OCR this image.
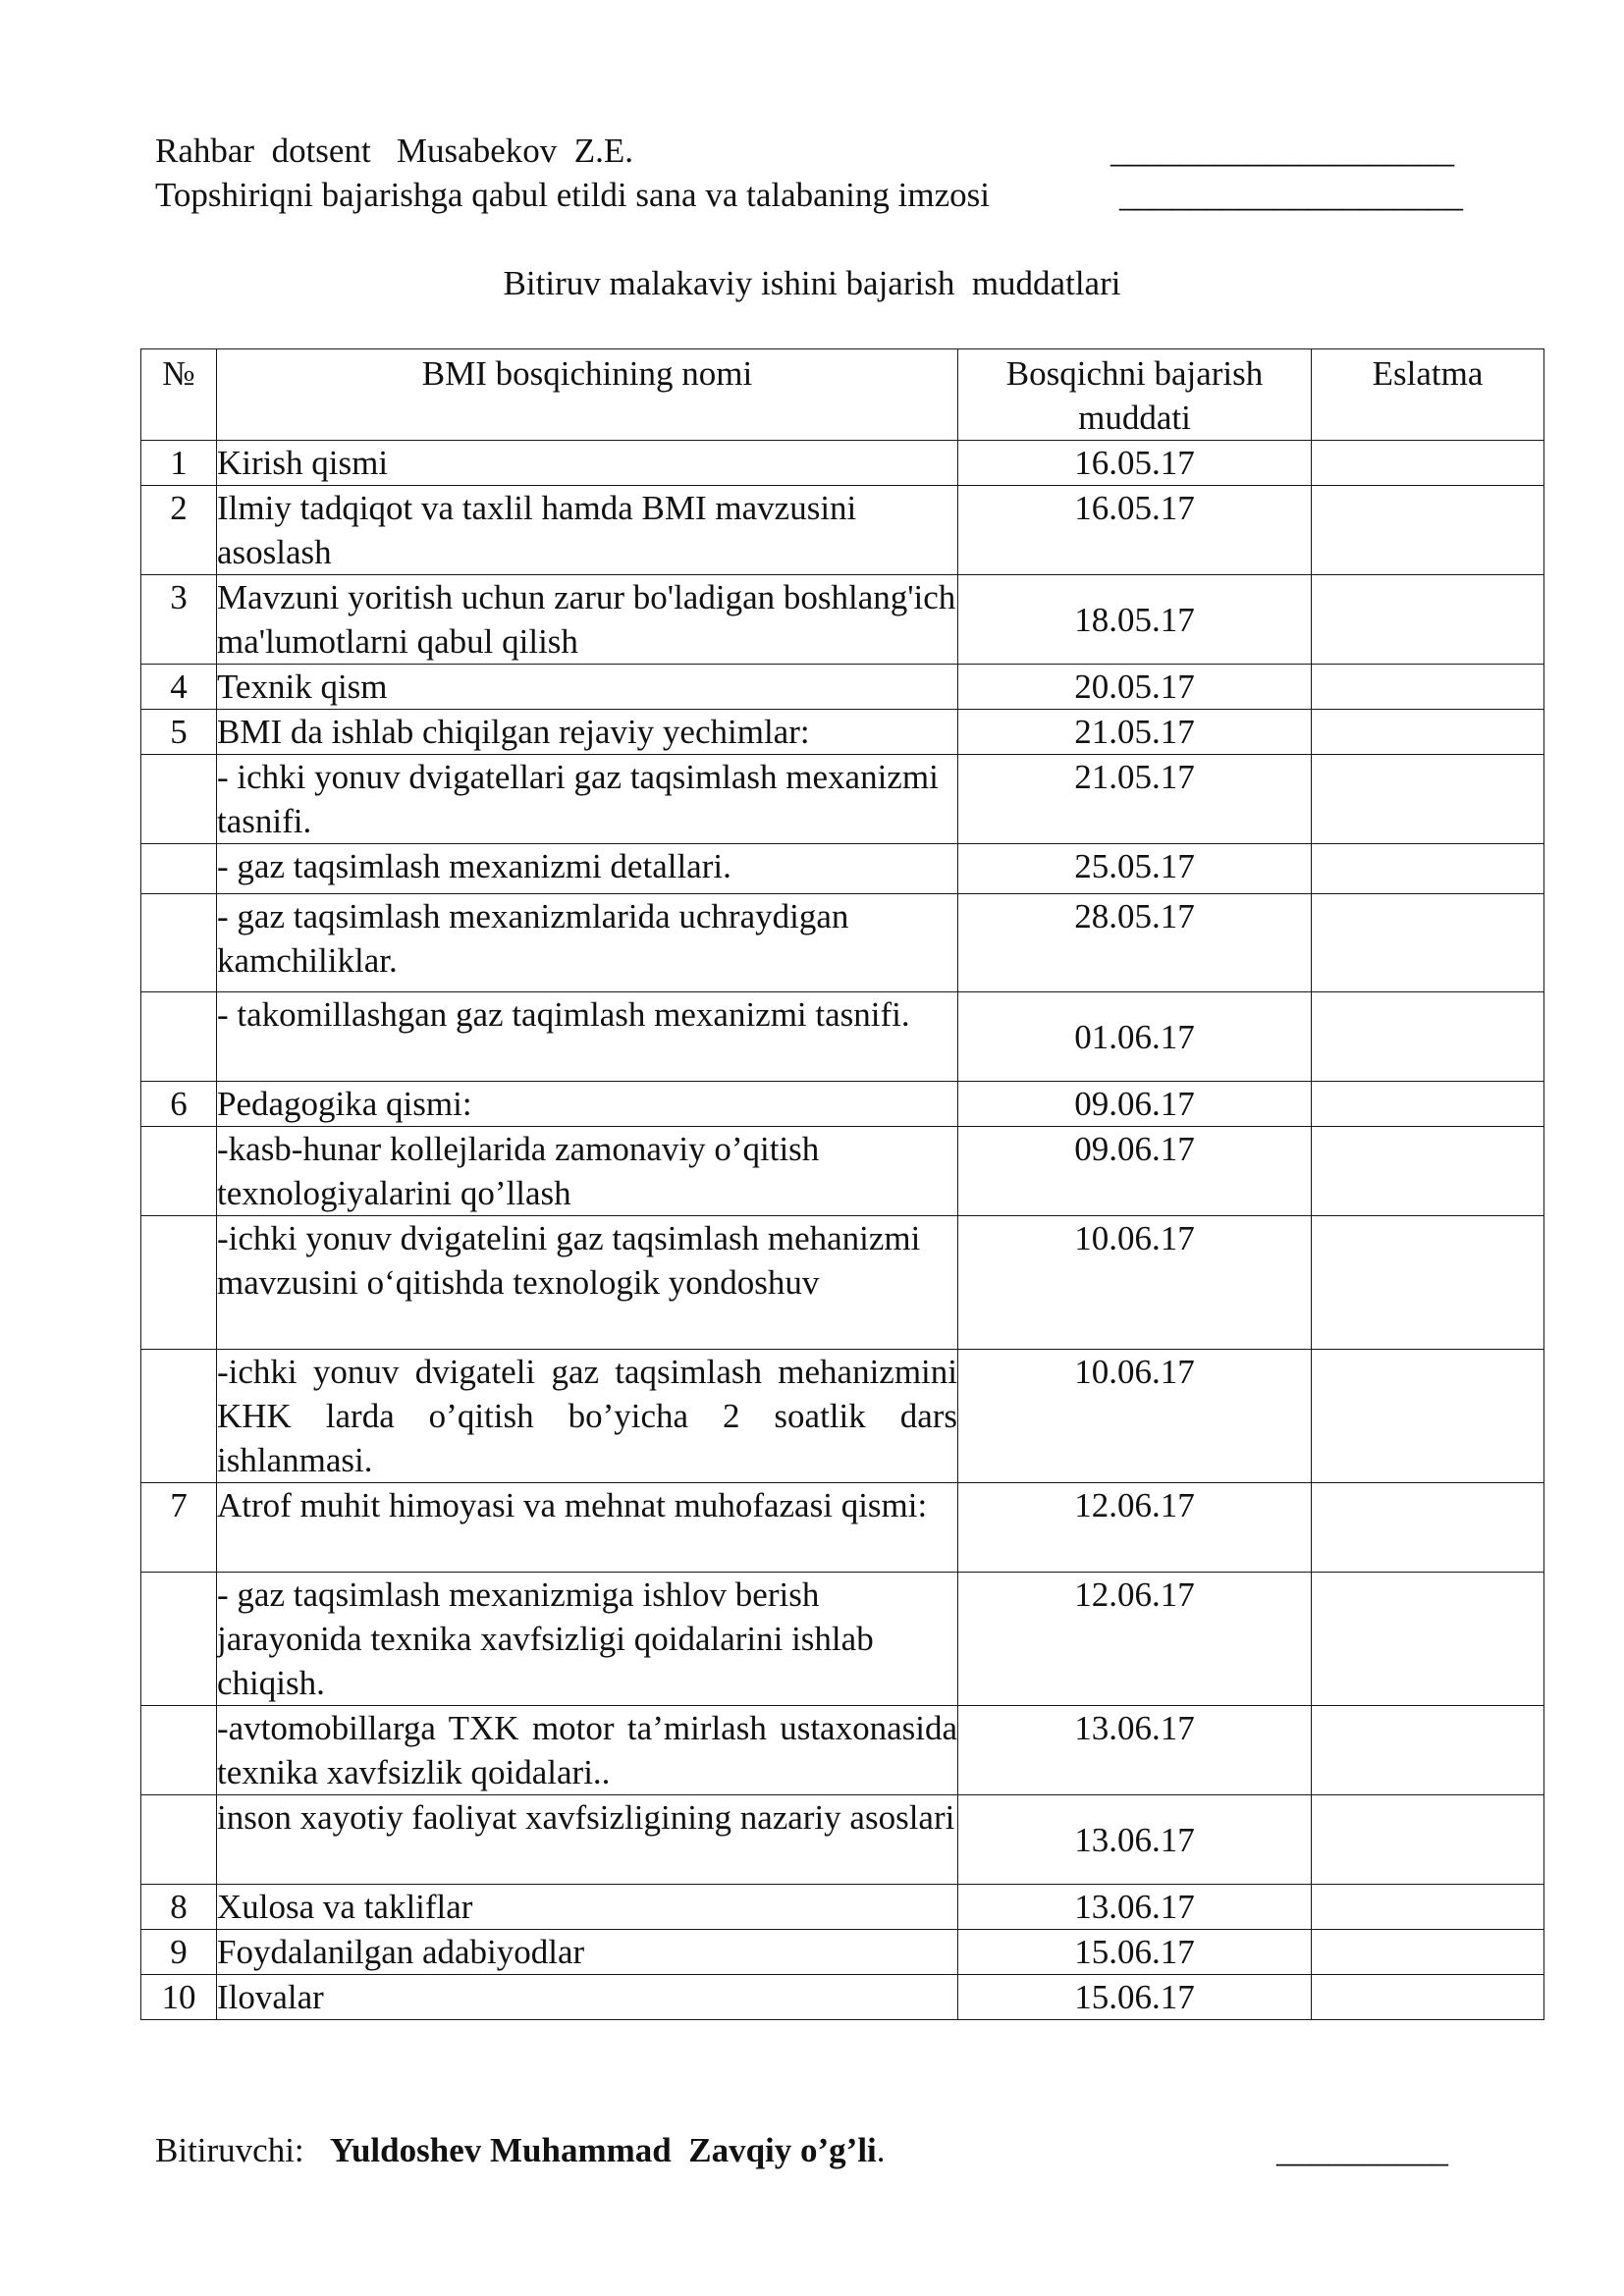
Rahbar  dotsent   Musabekov  Z.E.	____________________
Topshiriqni bajarishga qabul etildi sana va talabaning imzosi	____________________
Bitiruv malakaviy ishini bajarish  muddatlari
№	BMI bosqichining nomi	Bosqichni bajarish muddati	Eslatma
1	Kirish qismi	16.05.17	
2	Ilmiy tadqiqot va taxlil hamda BMI mavzusini asoslash	16.05.17	
3	Mavzuni yoritish uchun zarur bo'ladigan boshlang'ich ma'lumotlarni qabul qilish	18.05.17	
4	Texnik qism	20.05.17	
5	BMI da ishlab chiqilgan rejaviy yechimlar:	21.05.17	
	- ichki yonuv dvigatellari gaz taqsimlash mexanizmi tasnifi.	21.05.17	
	- gaz taqsimlash mexanizmi detallari.	25.05.17	
	- gaz taqsimlash mexanizmlarida uchraydigan kamchiliklar.	28.05.17	
	- takomillashgan gaz taqimlash mexanizmi tasnifi.	01.06.17	
6	Pedagogika qismi:	09.06.17	
	-kasb-hunar kollejlarida zamonaviy o’qitish texnologiyalarini qo’llash	09.06.17	
	-ichki yonuv dvigatelini gaz taqsimlash mehanizmi mavzusini o‘qitishda texnologik yondoshuv	10.06.17	
	-ichki yonuv dvigateli gaz taqsimlash mehanizmini KHK larda o’qitish bo’yicha 2 soatlik dars ishlanmasi.	10.06.17	
7	Atrof muhit himoyasi va mehnat muhofazasi qismi:	12.06.17	
	- gaz taqsimlash mexanizmiga ishlov berish jarayonida texnika xavfsizligi qoidalarini ishlab chiqish.	12.06.17	
	-avtomobillarga TXK motor ta’mirlash ustaxonasida texnika xavfsizlik qoidalari..	13.06.17	
	inson xayotiy faoliyat xavfsizligining nazariy asoslari	13.06.17	
8	Xulosa va takliflar	13.06.17	
9	Foydalanilgan adabiyodlar	15.06.17	
10	Ilovalar	15.06.17	
Bitiruvchi: Yuldoshev Muhammad  Zavqiy o’g’li.	__________
